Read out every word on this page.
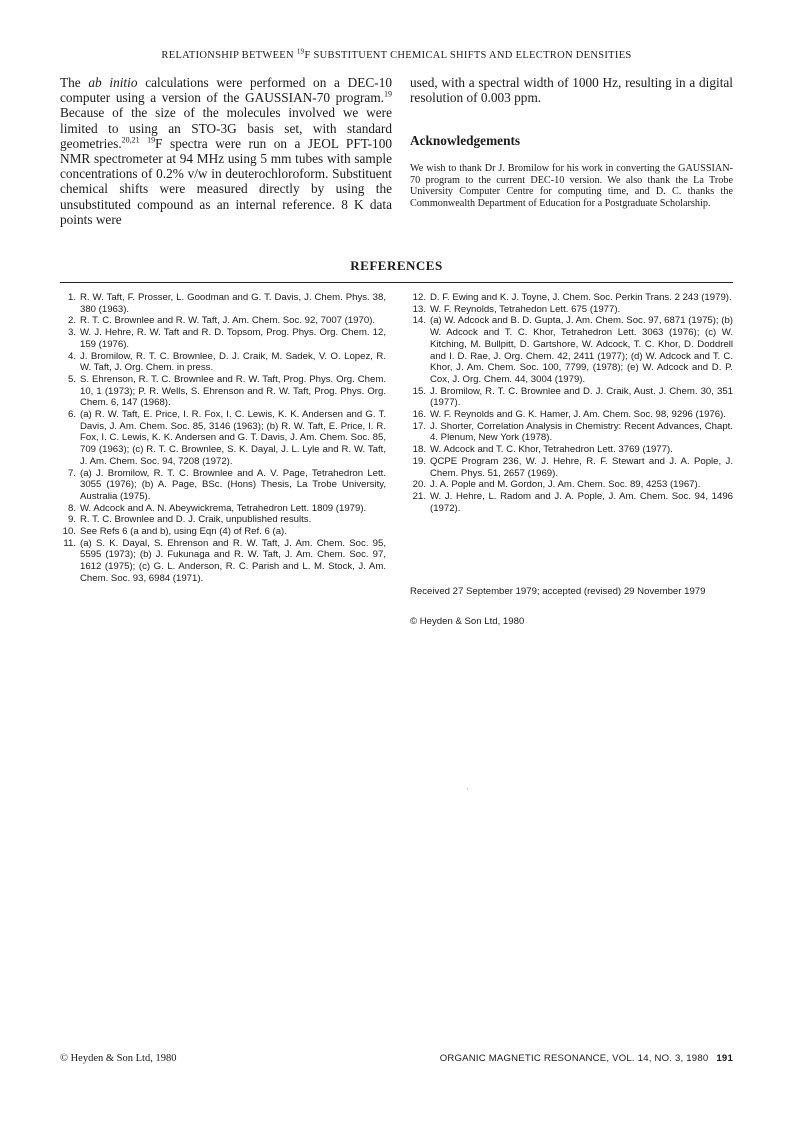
RELATIONSHIP BETWEEN $^{19}$F SUBSTITUENT CHEMICAL SHIFTS AND ELECTRON DENSITIES
The ab initio calculations were performed on a DEC-10 computer using a version of the GAUSSIAN-70 program.$^{19}$ Because of the size of the molecules involved we were limited to using an STO-3G basis set, with standard geometries.$^{20,21}$ $^{19}$F spectra were run on a JEOL PFT-100 NMR spectrometer at 94 MHz using 5 mm tubes with sample concentrations of 0.2% v/w in deuterochloroform. Substituent chemical shifts were measured directly by using the unsubstituted compound as an internal reference. 8 K data points were
used, with a spectral width of 1000 Hz, resulting in a digital resolution of 0.003 ppm.
Acknowledgements
We wish to thank Dr J. Bromilow for his work in converting the GAUSSIAN-70 program to the current DEC-10 version. We also thank the La Trobe University Computer Centre for computing time, and D. C. thanks the Commonwealth Department of Education for a Postgraduate Scholarship.
REFERENCES
1. R. W. Taft, F. Prosser, L. Goodman and G. T. Davis, J. Chem. Phys. 38, 380 (1963).
2. R. T. C. Brownlee and R. W. Taft, J. Am. Chem. Soc. 92, 7007 (1970).
3. W. J. Hehre, R. W. Taft and R. D. Topsom, Prog. Phys. Org. Chem. 12, 159 (1976).
4. J. Bromilow, R. T. C. Brownlee, D. J. Craik, M. Sadek, V. O. Lopez, R. W. Taft, J. Org. Chem. in press.
5. S. Ehrenson, R. T. C. Brownlee and R. W. Taft, Prog. Phys. Org. Chem. 10, 1 (1973); P. R. Wells, S. Ehrenson and R. W. Taft, Prog. Phys. Org. Chem. 6, 147 (1968).
6. (a) R. W. Taft, E. Price, I. R. Fox, I. C. Lewis, K. K. Andersen and G. T. Davis, J. Am. Chem. Soc. 85, 3146 (1963); (b) R. W. Taft, E. Price, I. R. Fox, I. C. Lewis, K. K. Andersen and G. T. Davis, J. Am. Chem. Soc. 85, 709 (1963); (c) R. T. C. Brownlee, S. K. Dayal, J. L. Lyle and R. W. Taft, J. Am. Chem. Soc. 94, 7208 (1972).
7. (a) J. Bromilow, R. T. C. Brownlee and A. V. Page, Tetrahedron Lett. 3055 (1976); (b) A. Page, BSc. (Hons) Thesis, La Trobe University, Australia (1975).
8. W. Adcock and A. N. Abeywickrema, Tetrahedron Lett. 1809 (1979).
9. R. T. C. Brownlee and D. J. Craik, unpublished results.
10. See Refs 6 (a and b), using Eqn (4) of Ref. 6 (a).
11. (a) S. K. Dayal, S. Ehrenson and R. W. Taft, J. Am. Chem. Soc. 95, 5595 (1973); (b) J. Fukunaga and R. W. Taft, J. Am. Chem. Soc. 97, 1612 (1975); (c) G. L. Anderson, R. C. Parish and L. M. Stock, J. Am. Chem. Soc. 93, 6984 (1971).
12. D. F. Ewing and K. J. Toyne, J. Chem. Soc. Perkin Trans. 2 243 (1979).
13. W. F. Reynolds, Tetrahedon Lett. 675 (1977).
14. (a) W. Adcock and B. D. Gupta, J. Am. Chem. Soc. 97, 6871 (1975); (b) W. Adcock and T. C. Khor, Tetrahedron Lett. 3063 (1976); (c) W. Kitching, M. Bullpitt, D. Gartshore, W. Adcock, T. C. Khor, D. Doddrell and I. D. Rae, J. Org. Chem. 42, 2411 (1977); (d) W. Adcock and T. C. Khor, J. Am. Chem. Soc. 100, 7799, (1978); (e) W. Adcock and D. P. Cox, J. Org. Chem. 44, 3004 (1979).
15. J. Bromilow, R. T. C. Brownlee and D. J. Craik, Aust. J. Chem. 30, 351 (1977).
16. W. F. Reynolds and G. K. Hamer, J. Am. Chem. Soc. 98, 9296 (1976).
17. J. Shorter, Correlation Analysis in Chemistry: Recent Advances, Chapt. 4. Plenum, New York (1978).
18. W. Adcock and T. C. Khor, Tetrahedron Lett. 3769 (1977).
19. QCPE Program 236, W. J. Hehre, R. F. Stewart and J. A. Pople, J. Chem. Phys. 51, 2657 (1969).
20. J. A. Pople and M. Gordon, J. Am. Chem. Soc. 89, 4253 (1967).
21. W. J. Hehre, L. Radom and J. A. Pople, J. Am. Chem. Soc. 94, 1496 (1972).
Received 27 September 1979; accepted (revised) 29 November 1979
© Heyden & Son Ltd, 1980
·
© Heyden & Son Ltd, 1980	ORGANIC MAGNETIC RESONANCE, VOL. 14, NO. 3, 1980 191
